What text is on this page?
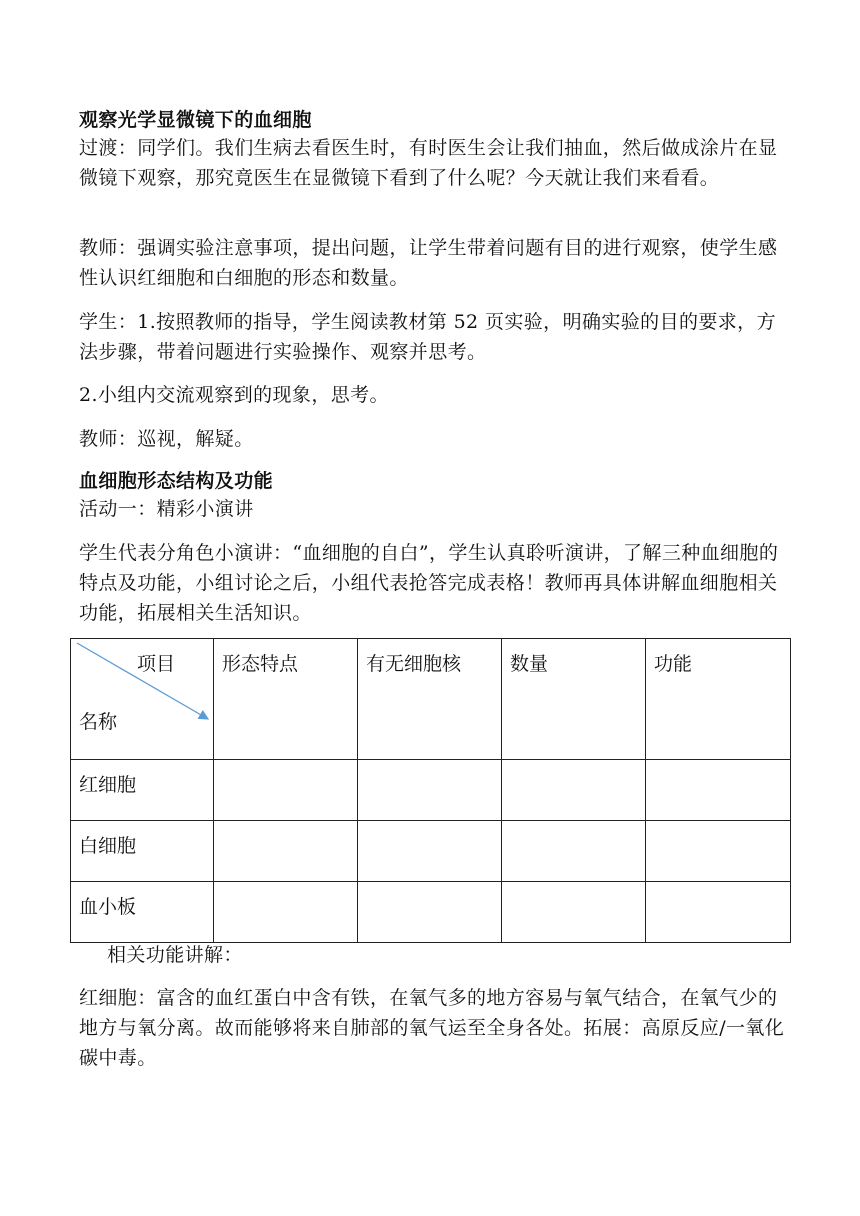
观察光学显微镜下的血细胞

过渡：同学们。我们生病去看医生时，有时医生会让我们抽血，然后做成涂片在显微镜下观察，那究竟医生在显微镜下看到了什么呢？今天就让我们来看看。

教师：强调实验注意事项，提出问题，让学生带着问题有目的进行观察，使学生感性认识红细胞和白细胞的形态和数量。

学生：1.按照教师的指导，学生阅读教材第 52 页实验，明确实验的目的要求，方法步骤，带着问题进行实验操作、观察并思考。

2.小组内交流观察到的现象，思考。

教师：巡视，解疑。

血细胞形态结构及功能

活动一：精彩小演讲

学生代表分角色小演讲：“血细胞的自白”，学生认真聆听演讲，了解三种血细胞的特点及功能，小组讨论之后，小组代表抢答完成表格！教师再具体讲解血细胞相关功能，拓展相关生活知识。

项目
名称	形态特点	有无细胞核	数量	功能
红细胞				
白细胞				
血小板				

相关功能讲解：

红细胞：富含的血红蛋白中含有铁，在氧气多的地方容易与氧气结合，在氧气少的地方与氧分离。故而能够将来自肺部的氧气运至全身各处。拓展：高原反应/一氧化碳中毒。
